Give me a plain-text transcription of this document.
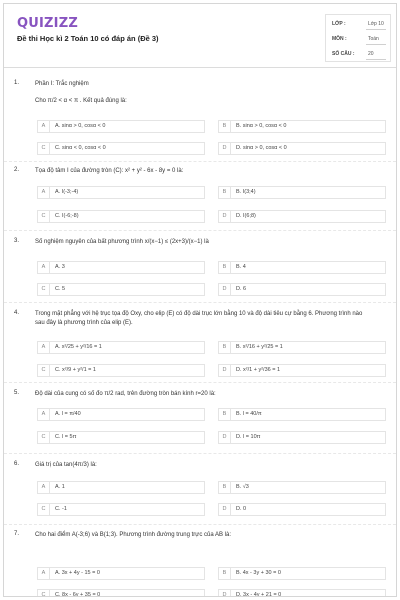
QUIZIZZ
Đề thi Học kì 2 Toán 10 có đáp án (Đề 3)
LỚP :	Lớp 10
MÔN :	Toán
SỐ CÂU :	20
1.	Phần I: Trắc nghiệm
Cho π/2 < α < π . Kết quả đúng là:
A	A. sinα > 0, cosα < 0	B	B. sinα > 0, cosα < 0
C	C. sinα < 0, cosα < 0	D	D. sinα > 0, cosα < 0
2.	Tọa độ tâm I của đường tròn (C): x² + y² - 6x - 8y = 0 là:
A	A. I(-3;-4)	B	B. I(3;4)
C	C. I(-6;-8)	D	D. I(6;8)
3.	Số nghiệm nguyên của bất phương trình x/(x−1) ≤ (2x+3)/(x−1) là
A	A. 3	B	B. 4
C	C. 5	D	D. 6
4.	Trong mặt phẳng với hệ trục tọa độ Oxy, cho elip (E) có độ dài trục lớn bằng 10 và độ dài tiêu cự bằng 6. Phương trình nào sau đây là phương trình của elip (E).
A	A. x²/25 + y²/16 = 1	B	B. x²/16 + y²/25 = 1
C	C. x²/9 + y²/1 = 1	D	D. x²/1 + y²/36 = 1
5.	Độ dài của cung có số đo π/2 rad, trên đường tròn bán kính r=20 là:
A	A. l = π/40	B	B. l = 40/π
C	C. l = 5π	D	D. l = 10π
6.	Giá trị của tan(4π/3) là:
A	A. 1	B	B. √3
C	C. -1	D	D. 0
7.	Cho hai điểm A(-3;6) và B(1;3). Phương trình đường trung trực của AB là:
A	A. 3x + 4y - 15 = 0	B	B. 4x - 3y + 30 = 0
C	C. 8x - 6y + 35 = 0	D	D. 3x - 4y + 21 = 0
